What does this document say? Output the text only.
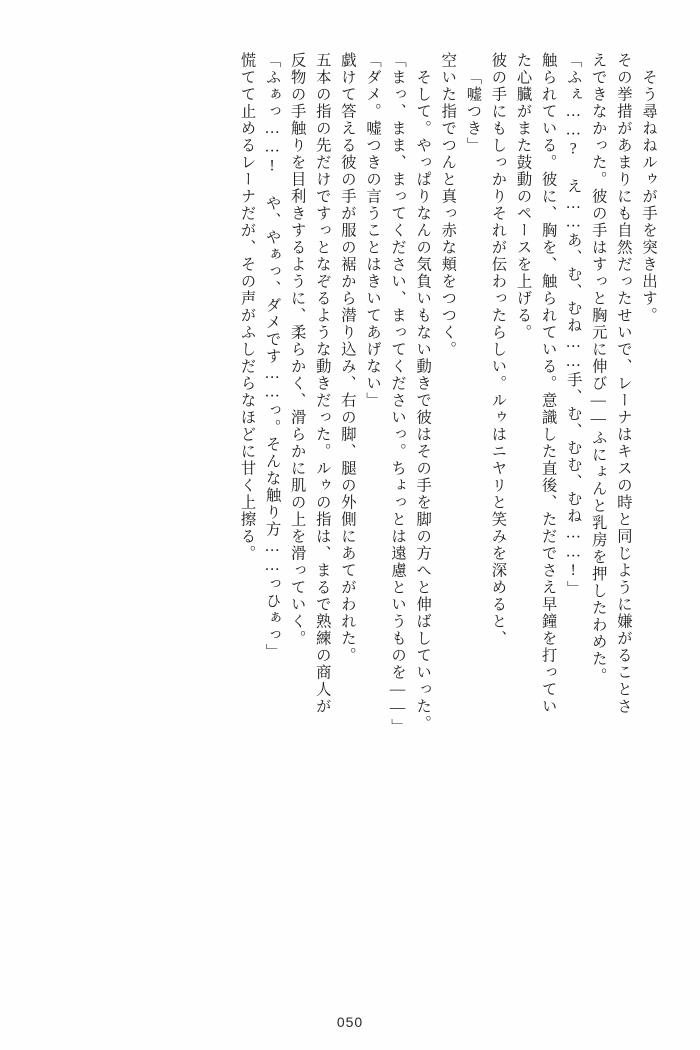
そう尋ねねルゥが手を突き出す。
その挙措があまりにも自然だったせいで、レーナはキスの時と同じように嫌がることさ
えできなかった。彼の手はすっと胸元に伸び――ふにょんと乳房を押したわめた。
「ふぇ……? え……あ、む、むね……手、む、むむ、むね……!」
触られている。彼に、胸を、触られている。意識した直後、ただでさえ早鐘を打ってい
た心臓がまた鼓動のペースを上げる。
彼の手にもしっかりそれが伝わったらしい。ルゥはニヤリと笑みを深めると、
「嘘つき」
空いた指でつんと真っ赤な頬をつつく。
そして。やっぱりなんの気負いもない動きで彼はその手を脚の方へと伸ばしていった。
「まっ、まま、まってください、まってくださいっ。ちょっとは遠慮というものを――」
「ダメ。嘘つきの言うことはきいてあげない」
戯けて答える彼の手が服の裾から潜り込み、右の脚、腿の外側にあてがわれた。
五本の指の先だけですっとなぞるような動きだった。ルゥの指は、まるで熟練の商人が
反物の手触りを目利きするように、柔らかく、滑らかに肌の上を滑っていく。
「ふぁっ……! や、やぁっ、ダメです……っ。そんな触り方……っひぁっ」
慌てて止めるレーナだが、その声がふしだらなほどに甘く上擦る。
050
